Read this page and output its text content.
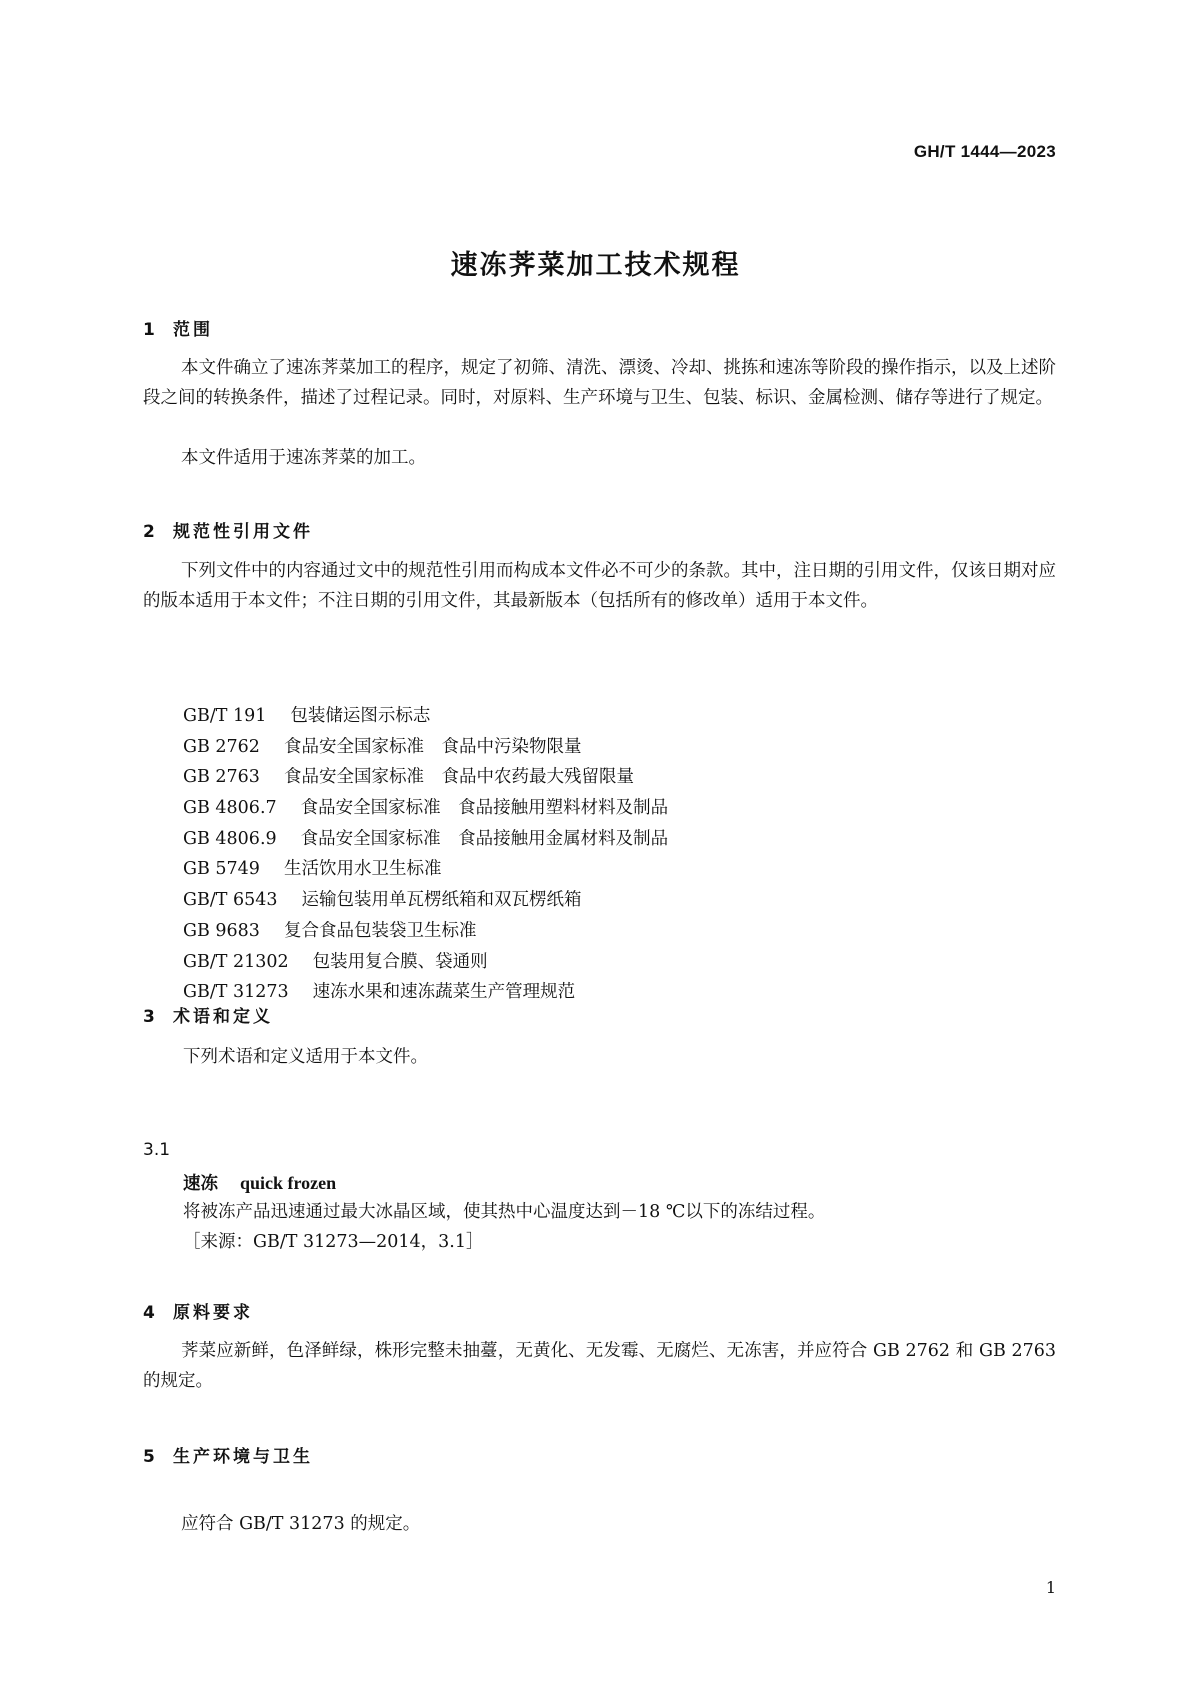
GH/T 1444—2023
速冻荠菜加工技术规程
1 范围

本文件确立了速冻荠菜加工的程序，规定了初筛、清洗、漂烫、冷却、挑拣和速冻等阶段的操作指示，以及上述阶段之间的转换条件，描述了过程记录。同时，对原料、生产环境与卫生、包装、标识、金属检测、储存等进行了规定。

本文件适用于速冻荠菜的加工。

2 规范性引用文件

下列文件中的内容通过文中的规范性引用而构成本文件必不可少的条款。其中，注日期的引用文件，仅该日期对应的版本适用于本文件；不注日期的引用文件，其最新版本（包括所有的修改单）适用于本文件。

GB/T 191 包装储运图示标志
GB 2762 食品安全国家标准　食品中污染物限量
GB 2763 食品安全国家标准　食品中农药最大残留限量
GB 4806.7 食品安全国家标准　食品接触用塑料材料及制品
GB 4806.9 食品安全国家标准　食品接触用金属材料及制品
GB 5749 生活饮用水卫生标准
GB/T 6543 运输包装用单瓦楞纸箱和双瓦楞纸箱
GB 9683 复合食品包装袋卫生标准
GB/T 21302 包装用复合膜、袋通则
GB/T 31273 速冻水果和速冻蔬菜生产管理规范
3 术语和定义
下列术语和定义适用于本文件。
3.1
速冻 quick frozen
将被冻产品迅速通过最大冰晶区域，使其热中心温度达到－18 ℃以下的冻结过程。
［来源：GB/T 31273—2014，3.1］
4 原料要求

荠菜应新鲜，色泽鲜绿，株形完整未抽薹，无黄化、无发霉、无腐烂、无冻害，并应符合 GB 2762 和 GB 2763 的规定。

5 生产环境与卫生

应符合 GB/T 31273 的规定。

1
